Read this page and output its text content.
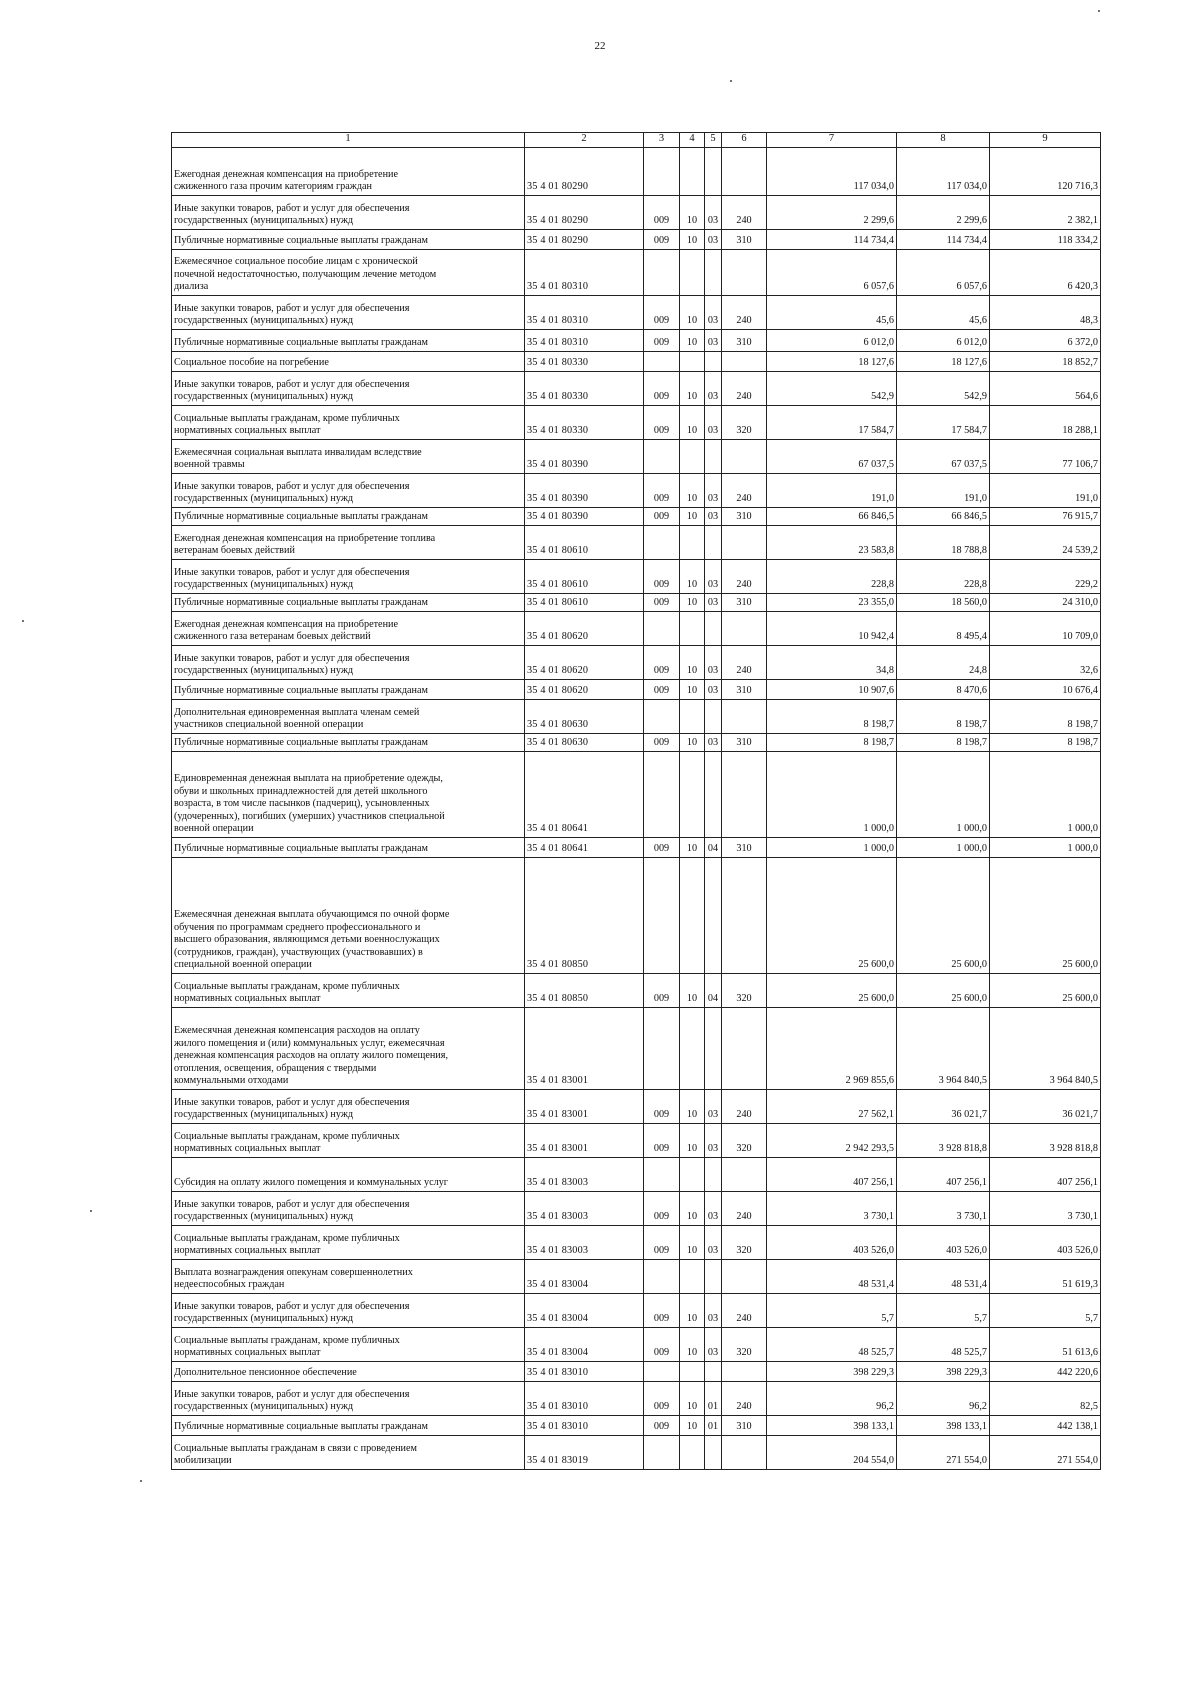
22
1	2	3	4	5	6	7	8	9
Ежегодная денежная компенсация на приобретение
сжиженного газа прочим категориям граждан	35 4 01 80290					117 034,0	117 034,0	120 716,3
Иные закупки товаров, работ и услуг для обеспечения
государственных (муниципальных) нужд	35 4 01 80290	009	10	03	240	2 299,6	2 299,6	2 382,1
Публичные нормативные социальные выплаты гражданам	35 4 01 80290	009	10	03	310	114 734,4	114 734,4	118 334,2
Ежемесячное социальное пособие лицам с хронической
почечной недостаточностью, получающим лечение методом
диализа	35 4 01 80310					6 057,6	6 057,6	6 420,3
Иные закупки товаров, работ и услуг для обеспечения
государственных (муниципальных) нужд	35 4 01 80310	009	10	03	240	45,6	45,6	48,3
Публичные нормативные социальные выплаты гражданам	35 4 01 80310	009	10	03	310	6 012,0	6 012,0	6 372,0
Социальное пособие на погребение	35 4 01 80330					18 127,6	18 127,6	18 852,7
Иные закупки товаров, работ и услуг для обеспечения
государственных (муниципальных) нужд	35 4 01 80330	009	10	03	240	542,9	542,9	564,6
Социальные выплаты гражданам, кроме публичных
нормативных социальных выплат	35 4 01 80330	009	10	03	320	17 584,7	17 584,7	18 288,1
Ежемесячная социальная выплата инвалидам вследствие
военной травмы	35 4 01 80390					67 037,5	67 037,5	77 106,7
Иные закупки товаров, работ и услуг для обеспечения
государственных (муниципальных) нужд	35 4 01 80390	009	10	03	240	191,0	191,0	191,0
Публичные нормативные социальные выплаты гражданам	35 4 01 80390	009	10	03	310	66 846,5	66 846,5	76 915,7
Ежегодная денежная компенсация на приобретение топлива
ветеранам боевых действий	35 4 01 80610					23 583,8	18 788,8	24 539,2
Иные закупки товаров, работ и услуг для обеспечения
государственных (муниципальных) нужд	35 4 01 80610	009	10	03	240	228,8	228,8	229,2
Публичные нормативные социальные выплаты гражданам	35 4 01 80610	009	10	03	310	23 355,0	18 560,0	24 310,0
Ежегодная денежная компенсация на приобретение
сжиженного газа ветеранам боевых действий	35 4 01 80620					10 942,4	8 495,4	10 709,0
Иные закупки товаров, работ и услуг для обеспечения
государственных (муниципальных) нужд	35 4 01 80620	009	10	03	240	34,8	24,8	32,6
Публичные нормативные социальные выплаты гражданам	35 4 01 80620	009	10	03	310	10 907,6	8 470,6	10 676,4
Дополнительная единовременная выплата членам семей
участников специальной военной операции	35 4 01 80630					8 198,7	8 198,7	8 198,7
Публичные нормативные социальные выплаты гражданам	35 4 01 80630	009	10	03	310	8 198,7	8 198,7	8 198,7
Единовременная денежная выплата на приобретение одежды,
обуви и школьных принадлежностей для детей школьного
возраста, в том числе пасынков (падчериц), усыновленных
(удочеренных), погибших (умерших) участников специальной
военной операции	35 4 01 80641					1 000,0	1 000,0	1 000,0
Публичные нормативные социальные выплаты гражданам	35 4 01 80641	009	10	04	310	1 000,0	1 000,0	1 000,0
Ежемесячная денежная выплата обучающимся по очной форме
обучения по программам среднего профессионального и
высшего образования, являющимся детьми военнослужащих
(сотрудников, граждан), участвующих (участвовавших) в
специальной военной операции	35 4 01 80850					25 600,0	25 600,0	25 600,0
Социальные выплаты гражданам, кроме публичных
нормативных социальных выплат	35 4 01 80850	009	10	04	320	25 600,0	25 600,0	25 600,0
Ежемесячная денежная компенсация расходов на оплату
жилого помещения и (или) коммунальных услуг, ежемесячная
денежная компенсация расходов на оплату жилого помещения,
отопления, освещения, обращения с твердыми
коммунальными отходами	35 4 01 83001					2 969 855,6	3 964 840,5	3 964 840,5
Иные закупки товаров, работ и услуг для обеспечения
государственных (муниципальных) нужд	35 4 01 83001	009	10	03	240	27 562,1	36 021,7	36 021,7
Социальные выплаты гражданам, кроме публичных
нормативных социальных выплат	35 4 01 83001	009	10	03	320	2 942 293,5	3 928 818,8	3 928 818,8
Субсидия на оплату жилого помещения и коммунальных услуг	35 4 01 83003					407 256,1	407 256,1	407 256,1
Иные закупки товаров, работ и услуг для обеспечения
государственных (муниципальных) нужд	35 4 01 83003	009	10	03	240	3 730,1	3 730,1	3 730,1
Социальные выплаты гражданам, кроме публичных
нормативных социальных выплат	35 4 01 83003	009	10	03	320	403 526,0	403 526,0	403 526,0
Выплата вознаграждения опекунам совершеннолетних
недееспособных граждан	35 4 01 83004					48 531,4	48 531,4	51 619,3
Иные закупки товаров, работ и услуг для обеспечения
государственных (муниципальных) нужд	35 4 01 83004	009	10	03	240	5,7	5,7	5,7
Социальные выплаты гражданам, кроме публичных
нормативных социальных выплат	35 4 01 83004	009	10	03	320	48 525,7	48 525,7	51 613,6
Дополнительное пенсионное обеспечение	35 4 01 83010					398 229,3	398 229,3	442 220,6
Иные закупки товаров, работ и услуг для обеспечения
государственных (муниципальных) нужд	35 4 01 83010	009	10	01	240	96,2	96,2	82,5
Публичные нормативные социальные выплаты гражданам	35 4 01 83010	009	10	01	310	398 133,1	398 133,1	442 138,1
Социальные выплаты гражданам в связи с проведением
мобилизации	35 4 01 83019					204 554,0	271 554,0	271 554,0
